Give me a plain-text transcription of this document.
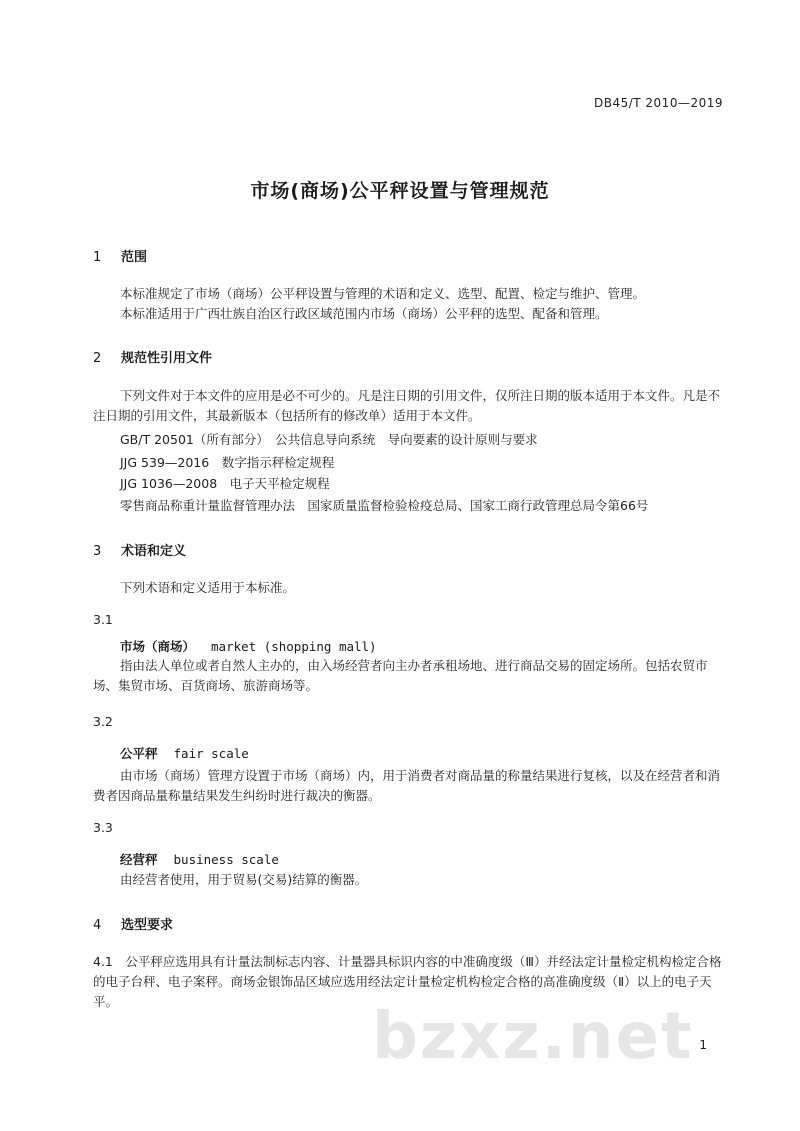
DB45/T 2010—2019
市场(商场)公平秤设置与管理规范
1 范围
本标准规定了市场（商场）公平秤设置与管理的术语和定义、选型、配置、检定与维护、管理。
本标准适用于广西壮族自治区行政区域范围内市场（商场）公平秤的选型、配备和管理。
2 规范性引用文件
下列文件对于本文件的应用是必不可少的。凡是注日期的引用文件，仅所注日期的版本适用于本文件。凡是不注日期的引用文件，其最新版本（包括所有的修改单）适用于本文件。
GB/T 20501（所有部分）　公共信息导向系统　导向要素的设计原则与要求
JJG 539—2016　数字指示秤检定规程
JJG 1036—2008　电子天平检定规程
零售商品称重计量监督管理办法　国家质量监督检验检疫总局、国家工商行政管理总局令第66号
3 术语和定义
下列术语和定义适用于本标准。
3.1
市场（商场） market (shopping mall)
指由法人单位或者自然人主办的，由入场经营者向主办者承租场地、进行商品交易的固定场所。包括农贸市场、集贸市场、百货商场、旅游商场等。
3.2
公平秤 fair scale
由市场（商场）管理方设置于市场（商场）内，用于消费者对商品量的称量结果进行复核，以及在经营者和消费者因商品量称量结果发生纠纷时进行裁决的衡器。
3.3
经营秤 business scale
由经营者使用，用于贸易(交易)结算的衡器。
4 选型要求
4.1　公平秤应选用具有计量法制标志内容、计量器具标识内容的中准确度级（Ⅲ）并经法定计量检定机构检定合格的电子台秤、电子案秤。商场金银饰品区域应选用经法定计量检定机构检定合格的高准确度级（Ⅱ）以上的电子天平。	bzxz.net 1
